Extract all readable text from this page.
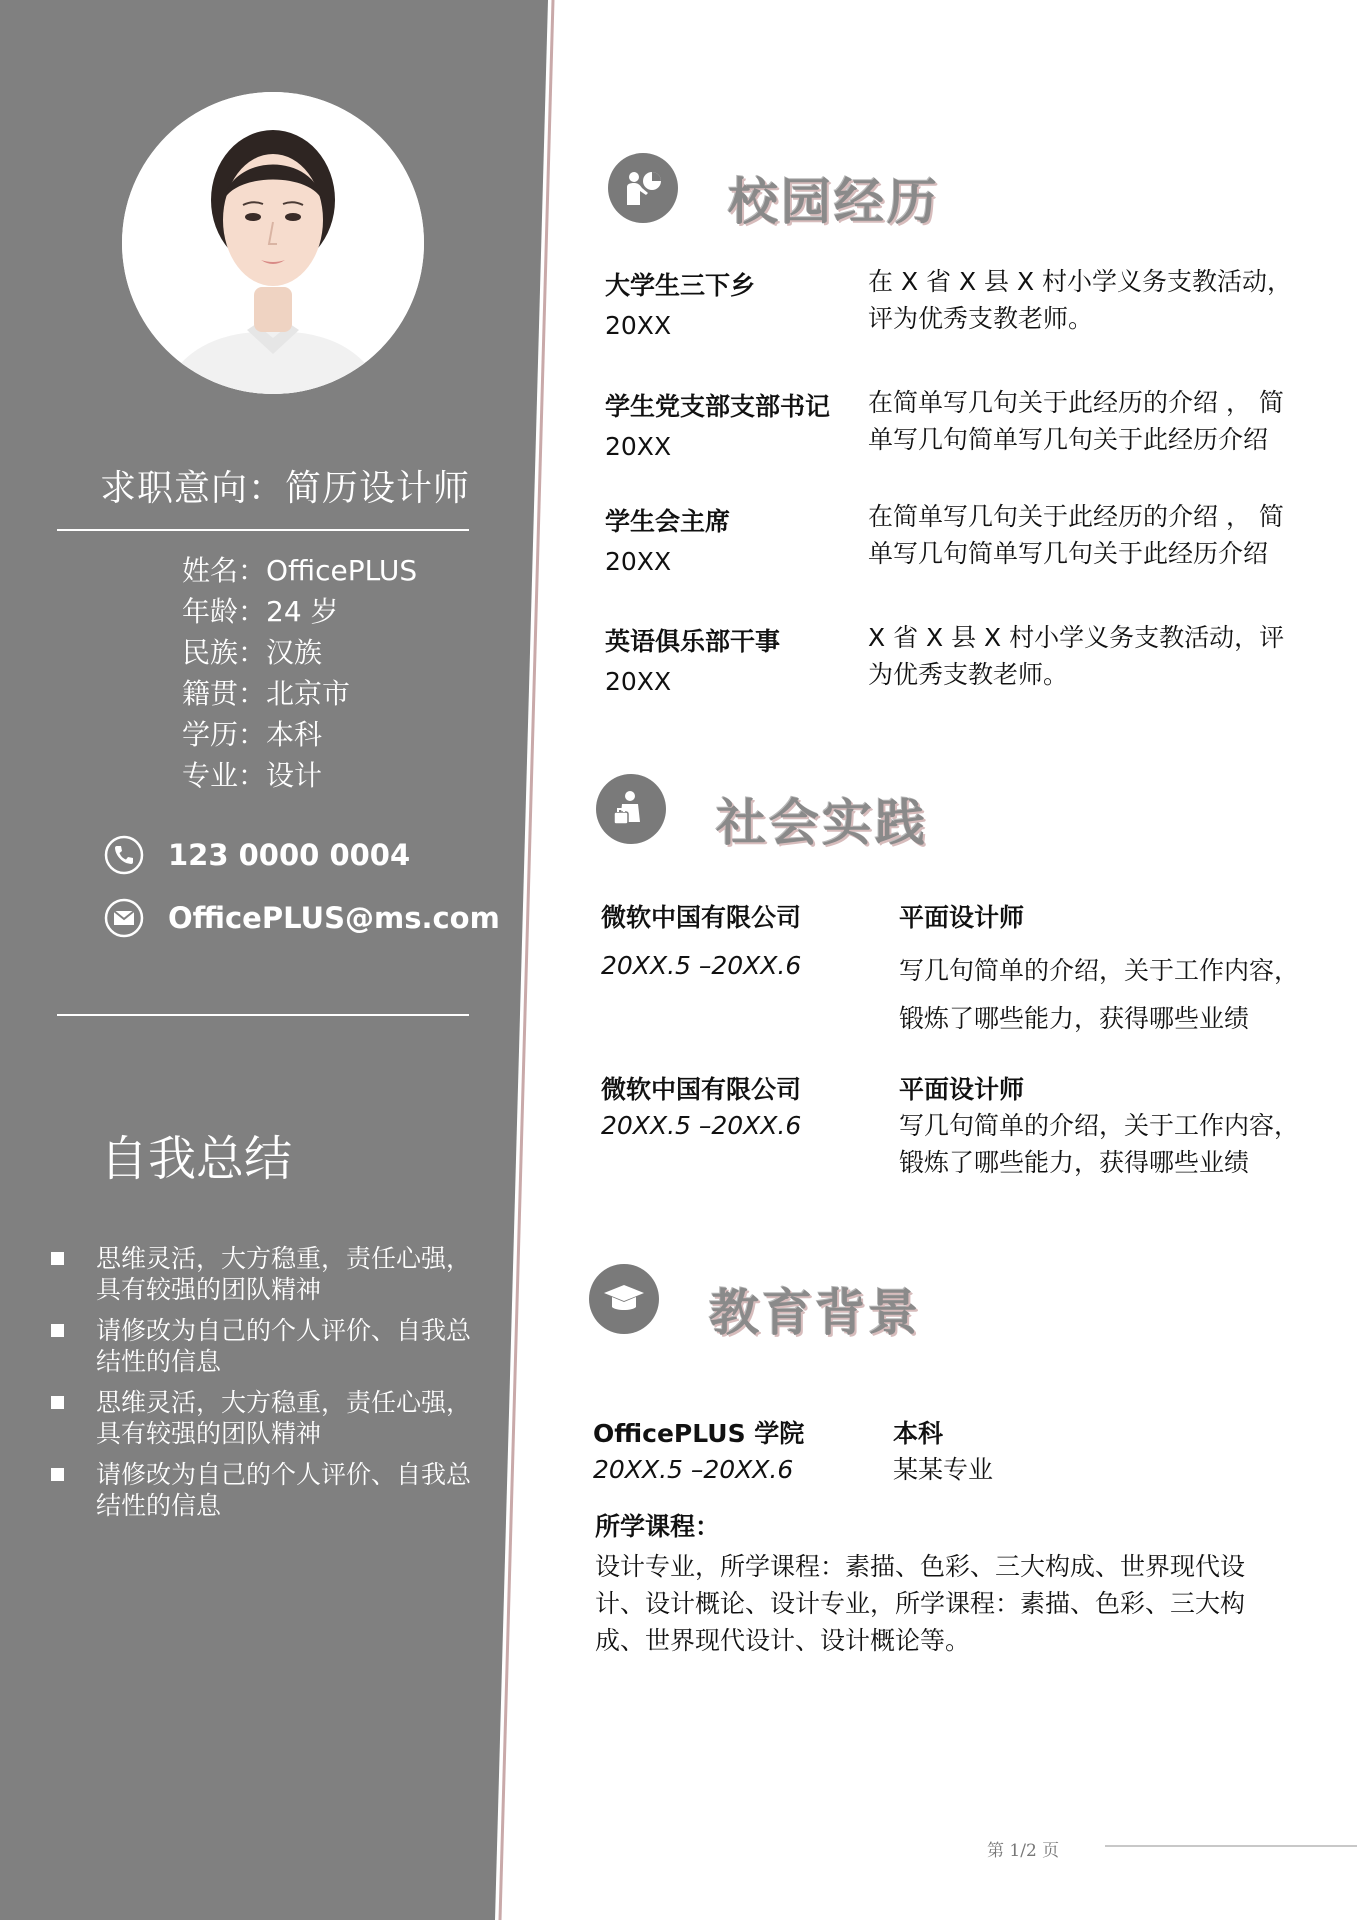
求职意向：简历设计师
姓名：OfficePLUS
年龄：24 岁
民族：汉族
籍贯：北京市
学历：本科
专业：设计
123 0000 0004
OfficePLUS@ms.com
自我总结
思维灵活，大方稳重，责任心强，具有较强的团队精神
请修改为自己的个人评价、自我总结性的信息
思维灵活，大方稳重，责任心强，具有较强的团队精神
请修改为自己的个人评价、自我总结性的信息
校园经历
大学生三下乡
20XX
在 X 省 X 县 X 村小学义务支教活动，评为优秀支教老师。
学生党支部支部书记
20XX
在简单写几句关于此经历的介绍 ， 简单写几句简单写几句关于此经历介绍
学生会主席
20XX
在简单写几句关于此经历的介绍 ， 简单写几句简单写几句关于此经历介绍
英语俱乐部干事
20XX
X 省 X 县 X 村小学义务支教活动，评为优秀支教老师。
社会实践
微软中国有限公司
20XX.5 –20XX.6
平面设计师
写几句简单的介绍，关于工作内容，锻炼了哪些能力，获得哪些业绩
微软中国有限公司
20XX.5 –20XX.6
平面设计师
写几句简单的介绍，关于工作内容，锻炼了哪些能力，获得哪些业绩
教育背景
OfficePLUS 学院
20XX.5 –20XX.6
本科
某某专业
所学课程：
设计专业，所学课程：素描、色彩、三大构成、世界现代设计、设计概论、设计专业，所学课程：素描、色彩、三大构成、世界现代设计、设计概论等。
第 1/2 页
